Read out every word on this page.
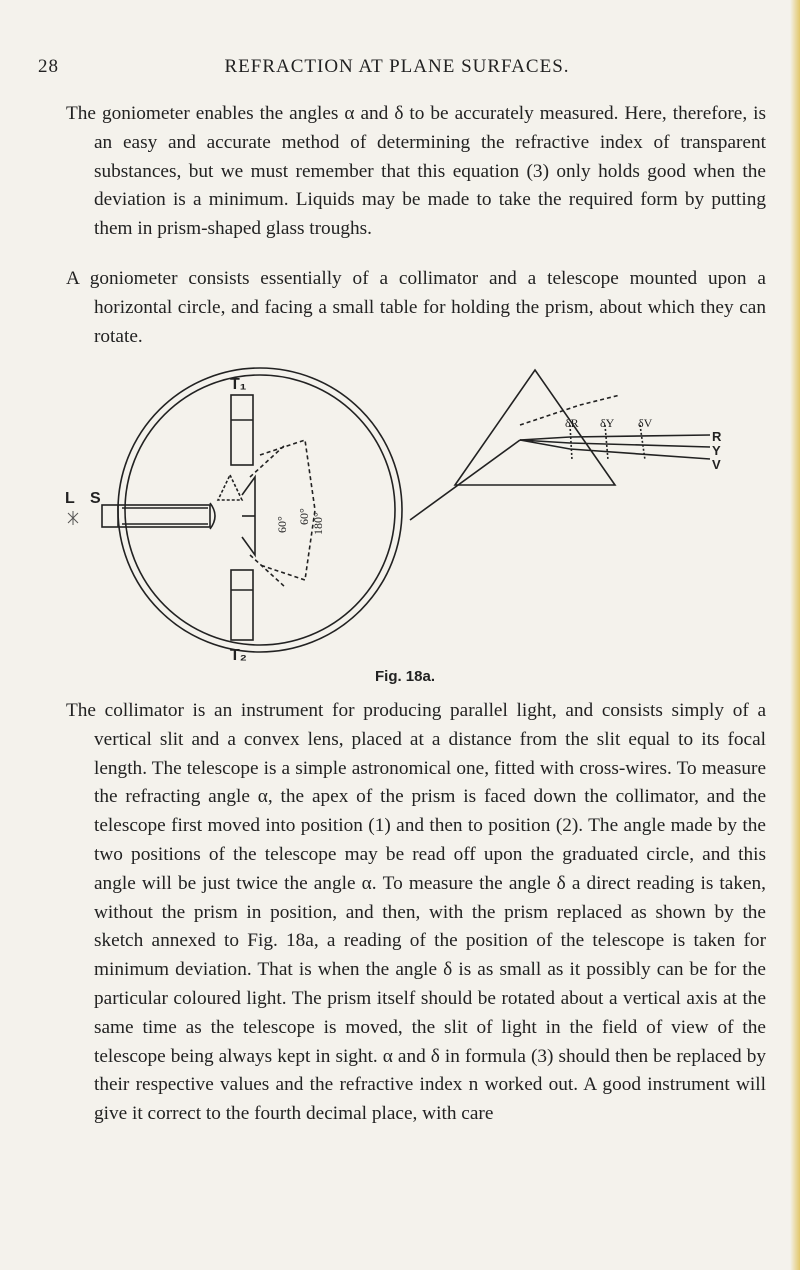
28	REFRACTION AT PLANE SURFACES.
The goniometer enables the angles α and δ to be accurately measured. Here, therefore, is an easy and accurate method of determining the refractive index of transparent substances, but we must remember that this equation (3) only holds good when the deviation is a minimum. Liquids may be made to take the required form by putting them in prism-shaped glass troughs.
A goniometer consists essentially of a collimator and a telescope mounted upon a horizontal circle, and facing a small table for holding the prism, about which they can rotate.
L S
T₁
T₂
R
Y
V
60° 60° 180°
δR δY δV
Fig. 18a.
The collimator is an instrument for producing parallel light, and consists simply of a vertical slit and a convex lens, placed at a distance from the slit equal to its focal length. The telescope is a simple astronomical one, fitted with cross-wires. To measure the refracting angle α, the apex of the prism is faced down the collimator, and the telescope first moved into position (1) and then to position (2). The angle made by the two positions of the telescope may be read off upon the graduated circle, and this angle will be just twice the angle α. To measure the angle δ a direct reading is taken, without the prism in position, and then, with the prism replaced as shown by the sketch annexed to Fig. 18a, a reading of the position of the telescope is taken for minimum deviation. That is when the angle δ is as small as it possibly can be for the particular coloured light. The prism itself should be rotated about a vertical axis at the same time as the telescope is moved, the slit of light in the field of view of the telescope being always kept in sight. α and δ in formula (3) should then be replaced by their respective values and the refractive index n worked out. A good instrument will give it correct to the fourth decimal place, with care
